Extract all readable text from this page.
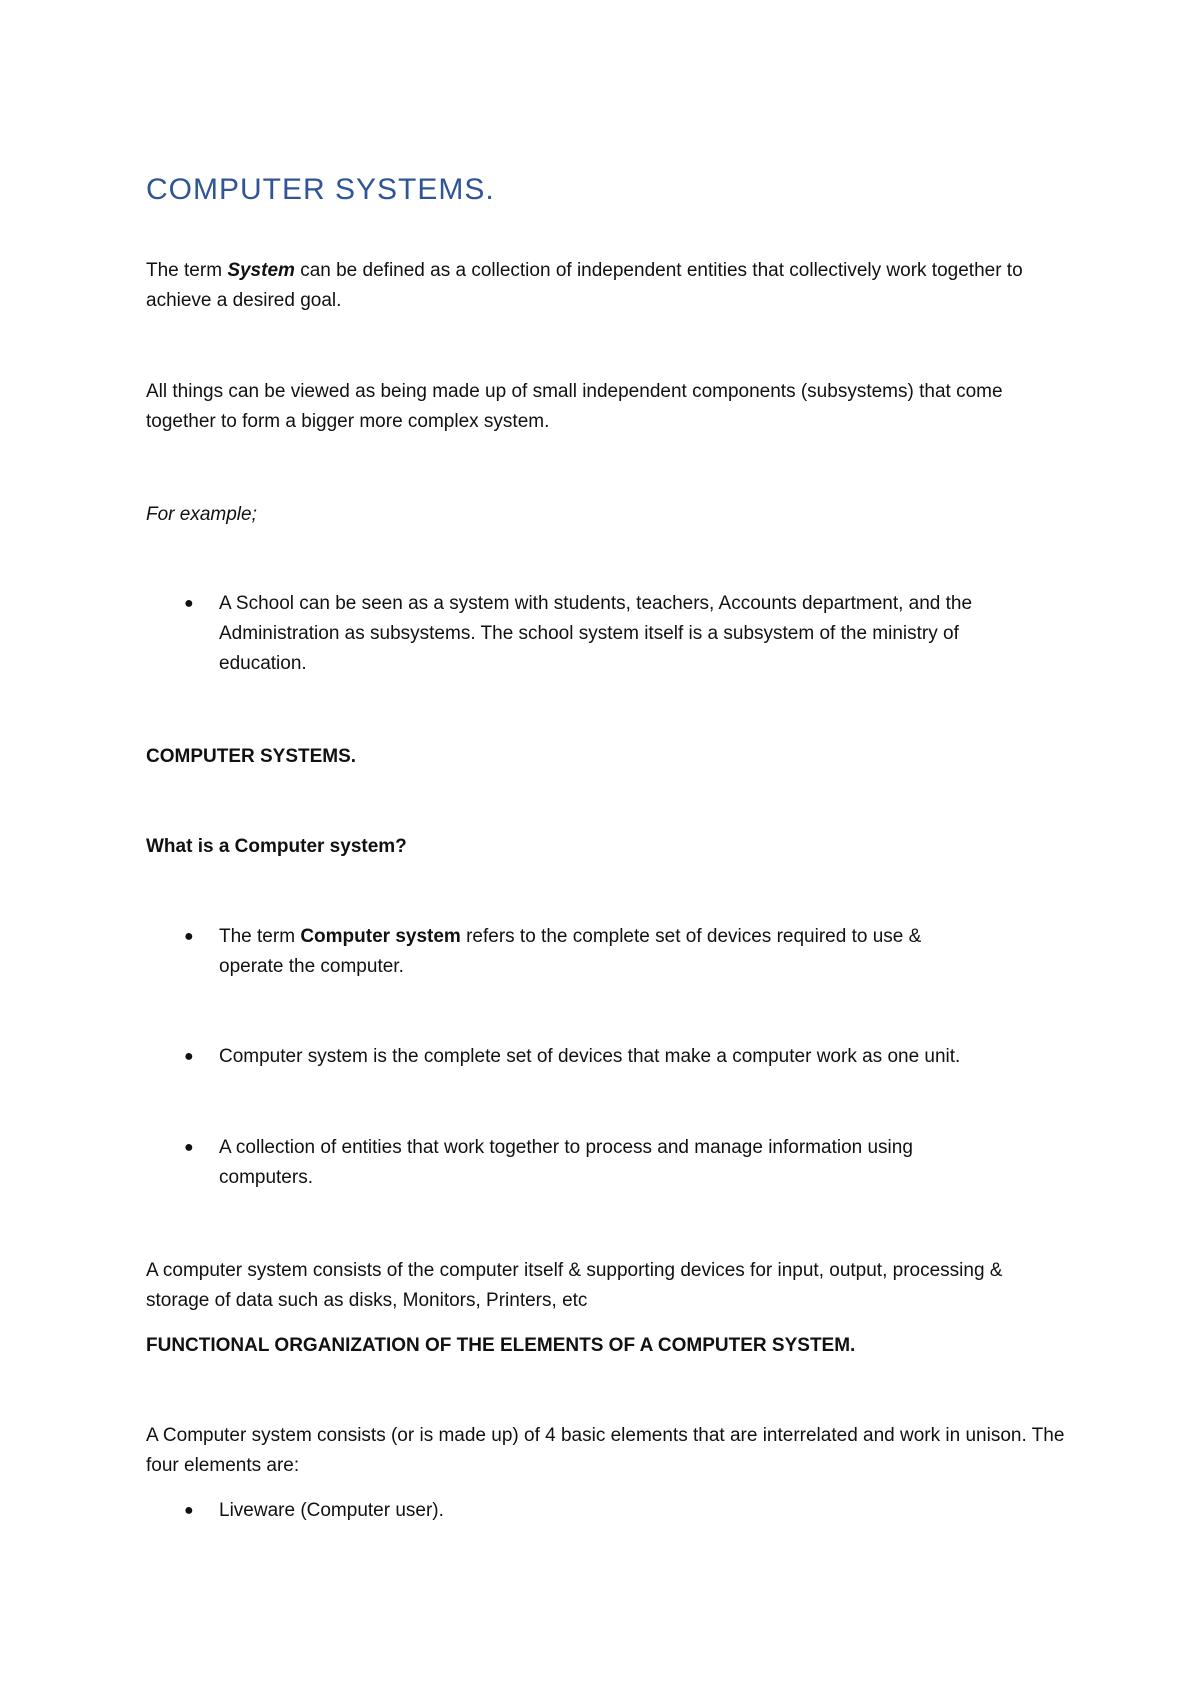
COMPUTER SYSTEMS.

The term System can be defined as a collection of independent entities that collectively work together to achieve a desired goal.

All things can be viewed as being made up of small independent components (subsystems) that come together to form a bigger more complex system.

For example;

●	A School can be seen as a system with students, teachers, Accounts department, and the Administration as subsystems. The school system itself is a subsystem of the ministry of education.

COMPUTER SYSTEMS.

What is a Computer system?

●	The term Computer system refers to the complete set of devices required to use & operate the computer.
●	Computer system is the complete set of devices that make a computer work as one unit.
●	A collection of entities that work together to process and manage information using computers.

A computer system consists of the computer itself & supporting devices for input, output, processing & storage of data such as disks, Monitors, Printers, etc

FUNCTIONAL ORGANIZATION OF THE ELEMENTS OF A COMPUTER SYSTEM.

A Computer system consists (or is made up) of 4 basic elements that are interrelated and work in unison. The four elements are:

●	Liveware (Computer user).
